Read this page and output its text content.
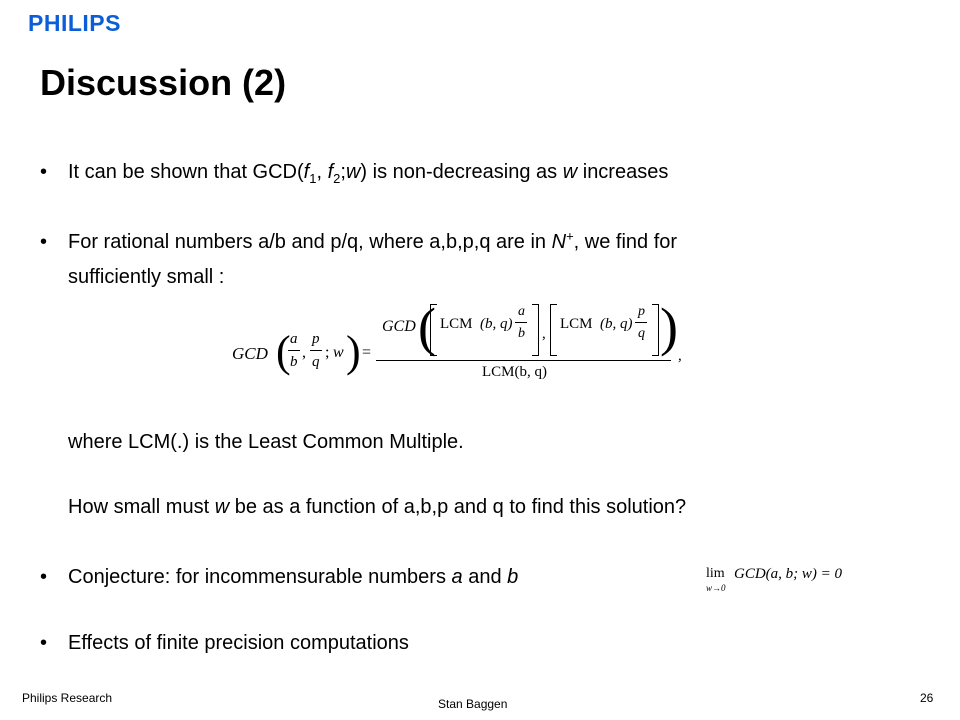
PHILIPS
Discussion (2)
• It can be shown that $GCD(f_1$, $f_2;w$) is non-decreasing as w increases
• For rational numbers a/b and p/q, where a,b,p,q are in N+, we find for
sufficiently small :
GCD ( a
b
,
p
q
; w ) =
GCD ( LCM (b, q)
a
b ,
LCM (b, q)
p
q )
LCM(b, q)
,
where LCM(.) is the Least Common Multiple.
How small must w be as a function of a,b,p and q to find this solution?
• Conjecture: for incommensurable numbers a and b	lim
w→0
GCD(a, b; w) = 0
• Effects of finite precision computations
Philips Research	Stan Baggen	26
